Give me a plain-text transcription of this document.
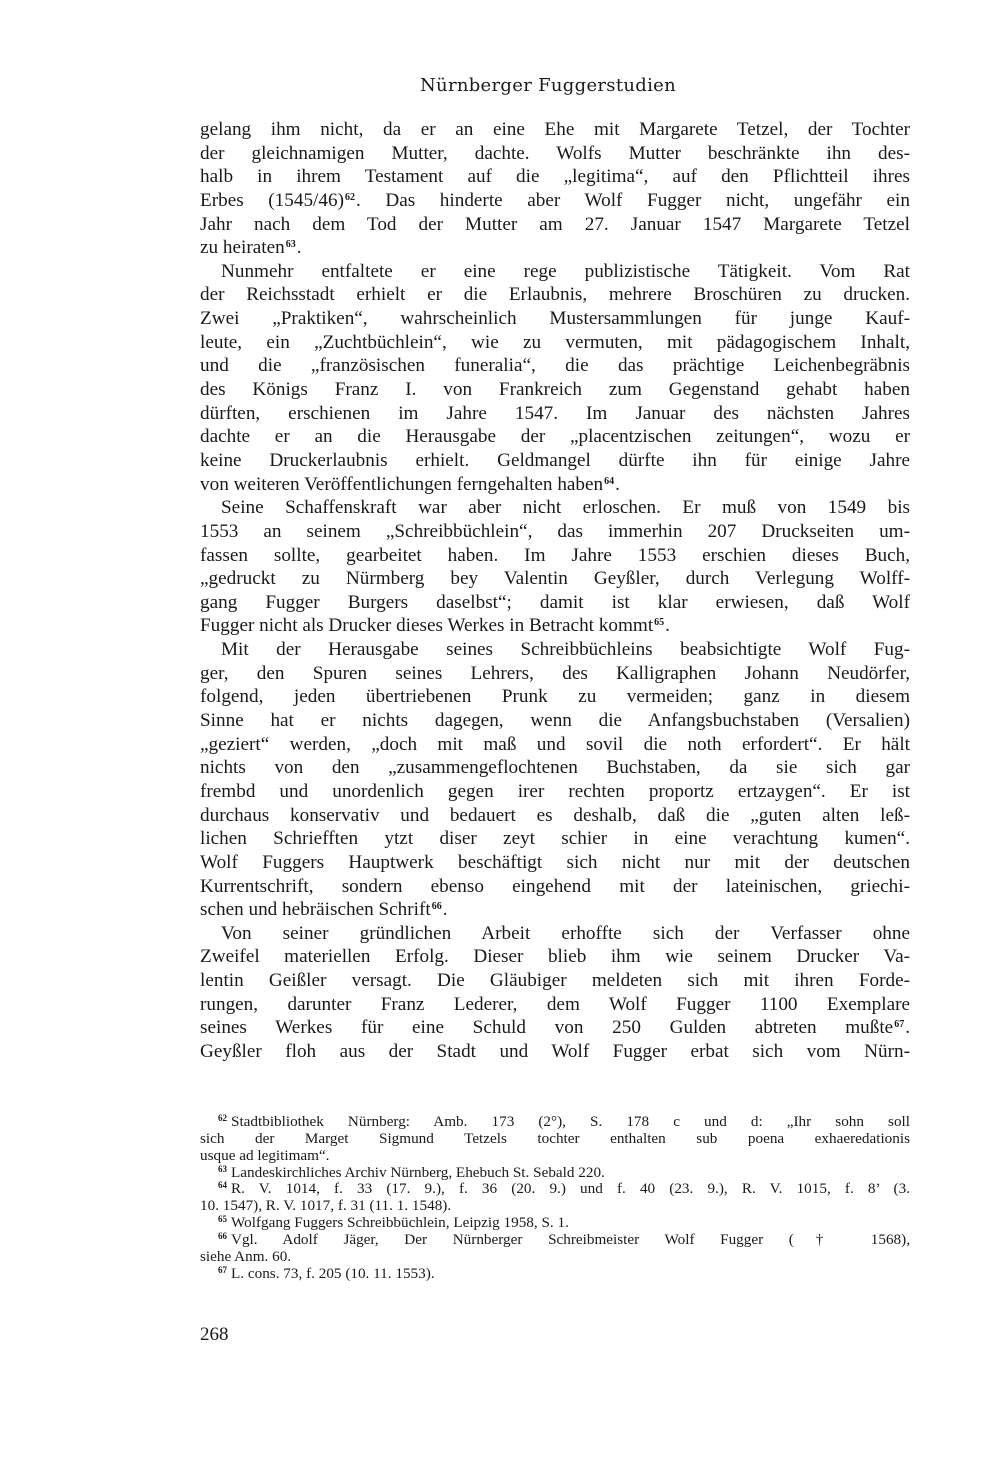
Nürnberger Fuggerstudien
gelang ihm nicht, da er an eine Ehe mit Margarete Tetzel, der Tochter
der gleichnamigen Mutter, dachte. Wolfs Mutter beschränkte ihn des-
halb in ihrem Testament auf die „legitima“, auf den Pflichtteil ihres
Erbes (1545/46)$^{62}$. Das hinderte aber Wolf Fugger nicht, ungefähr ein
Jahr nach dem Tod der Mutter am 27. Januar 1547 Margarete Tetzel
zu heiraten$^{63}$.
Nunmehr entfaltete er eine rege publizistische Tätigkeit. Vom Rat
der Reichsstadt erhielt er die Erlaubnis, mehrere Broschüren zu drucken.
Zwei „Praktiken“, wahrscheinlich Mustersammlungen für junge Kauf-
leute, ein „Zuchtbüchlein“, wie zu vermuten, mit pädagogischem Inhalt,
und die „französischen funeralia“, die das prächtige Leichenbegräbnis
des Königs Franz I. von Frankreich zum Gegenstand gehabt haben
dürften, erschienen im Jahre 1547. Im Januar des nächsten Jahres
dachte er an die Herausgabe der „placentzischen zeitungen“, wozu er
keine Druckerlaubnis erhielt. Geldmangel dürfte ihn für einige Jahre
von weiteren Veröffentlichungen ferngehalten haben$^{64}$.
Seine Schaffenskraft war aber nicht erloschen. Er muß von 1549 bis
1553 an seinem „Schreibbüchlein“, das immerhin 207 Druckseiten um-
fassen sollte, gearbeitet haben. Im Jahre 1553 erschien dieses Buch,
„gedruckt zu Nürmberg bey Valentin Geyßler, durch Verlegung Wolff-
gang Fugger Burgers daselbst“; damit ist klar erwiesen, daß Wolf
Fugger nicht als Drucker dieses Werkes in Betracht kommt$^{65}$.
Mit der Herausgabe seines Schreibbüchleins beabsichtigte Wolf Fug-
ger, den Spuren seines Lehrers, des Kalligraphen Johann Neudörfer,
folgend, jeden übertriebenen Prunk zu vermeiden; ganz in diesem
Sinne hat er nichts dagegen, wenn die Anfangsbuchstaben (Versalien)
„geziert“ werden, „doch mit maß und sovil die noth erfordert“. Er hält
nichts von den „zusammengeflochtenen Buchstaben, da sie sich gar
frembd und unordenlich gegen irer rechten proportz ertzaygen“. Er ist
durchaus konservativ und bedauert es deshalb, daß die „guten alten leß-
lichen Schriefften ytzt diser zeyt schier in eine verachtung kumen“.
Wolf Fuggers Hauptwerk beschäftigt sich nicht nur mit der deutschen
Kurrentschrift, sondern ebenso eingehend mit der lateinischen, griechi-
schen und hebräischen Schrift$^{66}$.
Von seiner gründlichen Arbeit erhoffte sich der Verfasser ohne
Zweifel materiellen Erfolg. Dieser blieb ihm wie seinem Drucker Va-
lentin Geißler versagt. Die Gläubiger meldeten sich mit ihren Forde-
rungen, darunter Franz Lederer, dem Wolf Fugger 1100 Exemplare
seines Werkes für eine Schuld von 250 Gulden abtreten mußte$^{67}$.
Geyßler floh aus der Stadt und Wolf Fugger erbat sich vom Nürn-
$^{62}$ Stadtbibliothek Nürnberg: Amb. 173 (2°), S. 178 c und d: „Ihr sohn soll
sich der Marget Sigmund Tetzels tochter enthalten sub poena exhaeredationis
usque ad legitimam“.
$^{63}$ Landeskirchliches Archiv Nürnberg, Ehebuch St. Sebald 220.
$^{64}$ R. V. 1014, f. 33 (17. 9.), f. 36 (20. 9.) und f. 40 (23. 9.), R. V. 1015, f. 8’ (3.
10. 1547), R. V. 1017, f. 31 (11. 1. 1548).
$^{65}$ Wolfgang Fuggers Schreibbüchlein, Leipzig 1958, S. 1.
$^{66}$ Vgl. Adolf Jäger, Der Nürnberger Schreibmeister Wolf Fugger († 1568),
siehe Anm. 60.
$^{67}$ L. cons. 73, f. 205 (10. 11. 1553).
268
